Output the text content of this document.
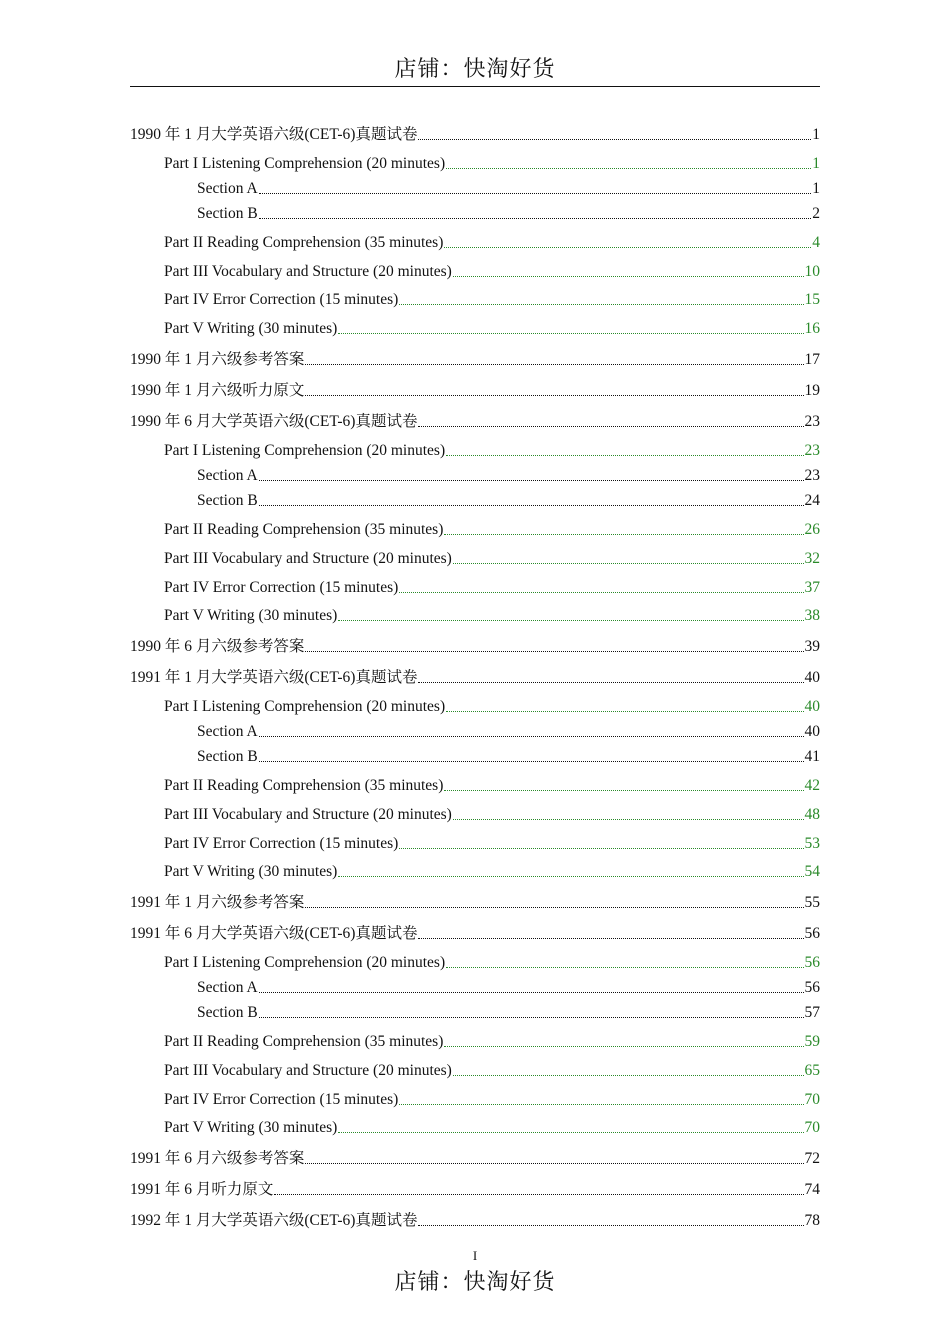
店铺：快淘好货
1990 年 1 月大学英语六级(CET-6)真题试卷	1
Part I Listening Comprehension (20 minutes)	1
Section A	1
Section B	2
Part II Reading Comprehension (35 minutes)	4
Part III Vocabulary and Structure (20 minutes)	10
Part IV Error Correction (15 minutes)	15
Part V Writing (30 minutes)	16
1990 年 1 月六级参考答案	17
1990 年 1 月六级听力原文	19
1990 年 6 月大学英语六级(CET-6)真题试卷	23
Part I Listening Comprehension (20 minutes)	23
Section A	23
Section B	24
Part II Reading Comprehension (35 minutes)	26
Part III Vocabulary and Structure (20 minutes)	32
Part IV Error Correction (15 minutes)	37
Part V Writing (30 minutes)	38
1990 年 6 月六级参考答案	39
1991 年 1 月大学英语六级(CET-6)真题试卷	40
Part I Listening Comprehension (20 minutes)	40
Section A	40
Section B	41
Part II Reading Comprehension (35 minutes)	42
Part III Vocabulary and Structure (20 minutes)	48
Part IV Error Correction (15 minutes)	53
Part V Writing (30 minutes)	54
1991 年 1 月六级参考答案	55
1991 年 6 月大学英语六级(CET-6)真题试卷	56
Part I Listening Comprehension (20 minutes)	56
Section A	56
Section B	57
Part II Reading Comprehension (35 minutes)	59
Part III Vocabulary and Structure (20 minutes)	65
Part IV Error Correction (15 minutes)	70
Part V Writing (30 minutes)	70
1991 年 6 月六级参考答案	72
1991 年 6 月听力原文	74
1992 年 1 月大学英语六级(CET-6)真题试卷	78
I
店铺：快淘好货
